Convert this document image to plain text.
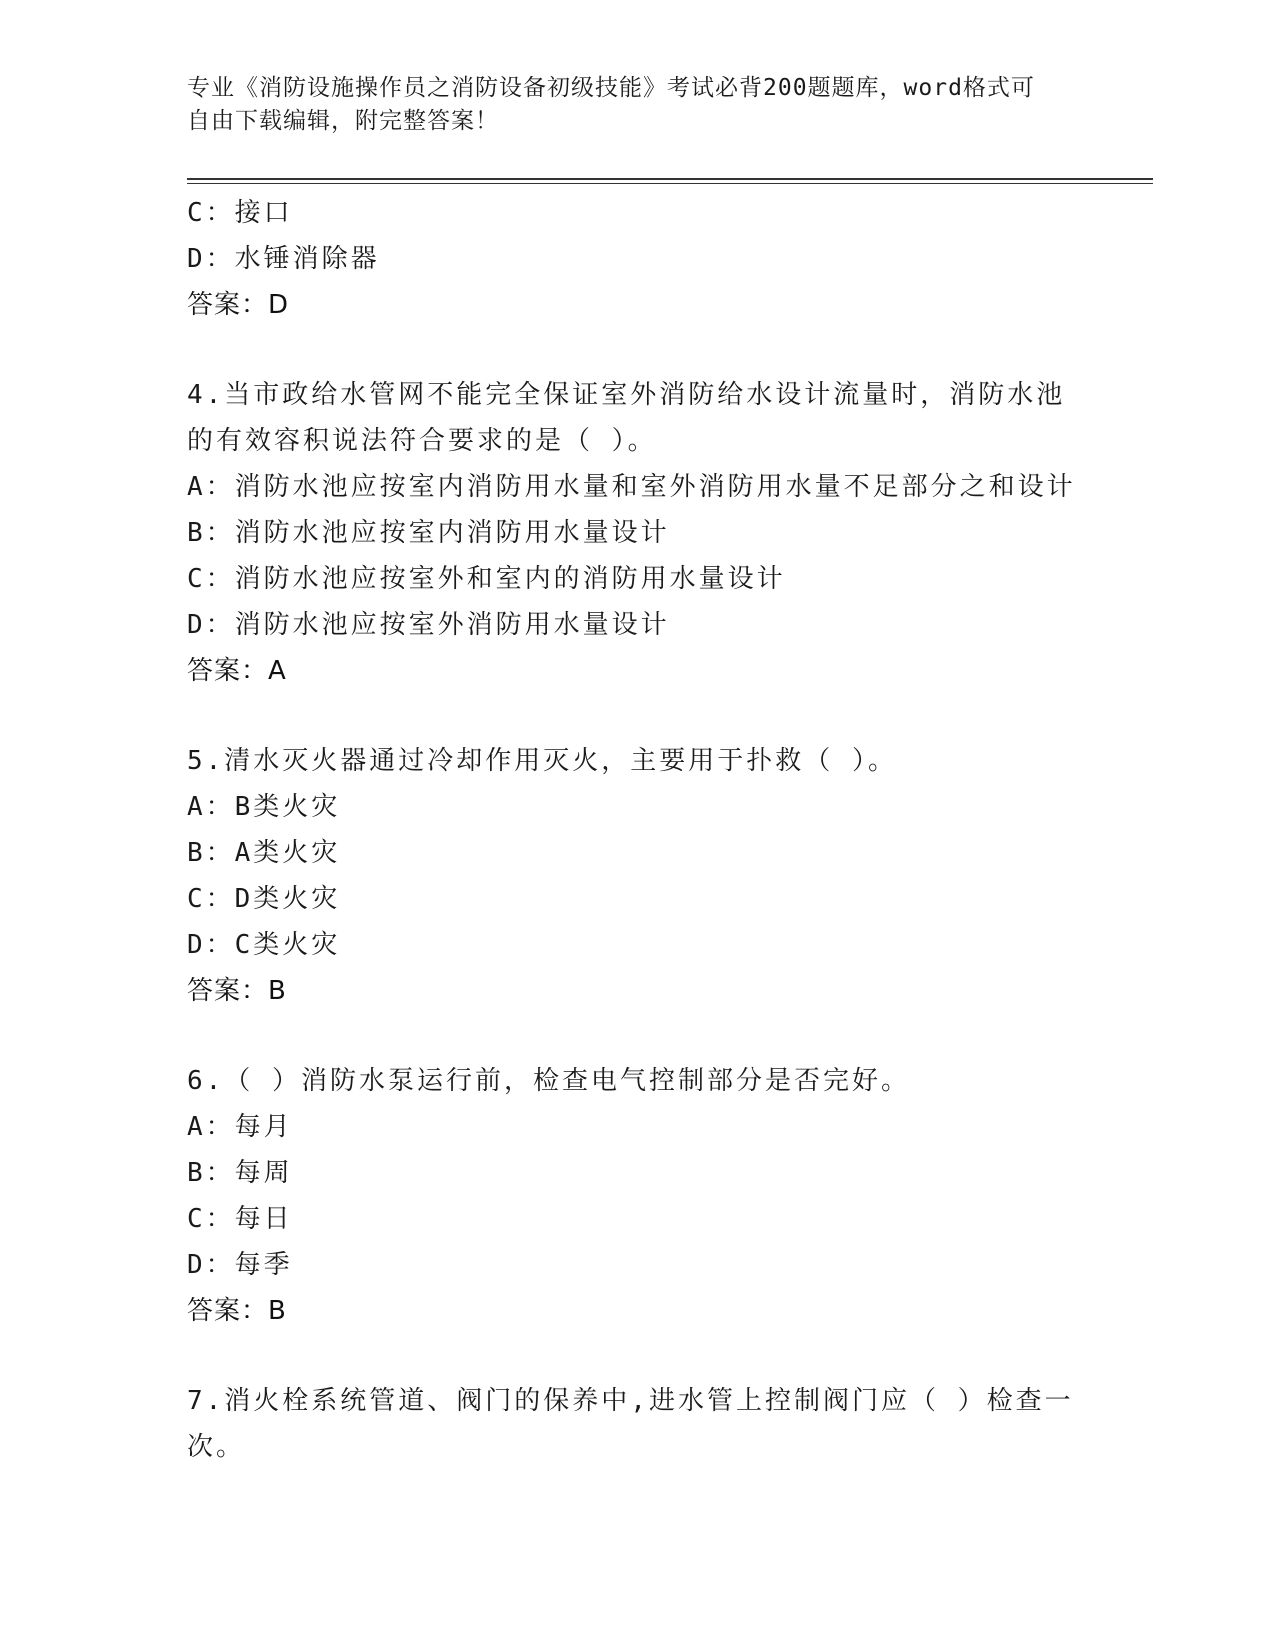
专业《消防设施操作员之消防设备初级技能》考试必背200题题库，word格式可
自由下载编辑，附完整答案！
C：接口
D：水锤消除器
答案：D
4.当市政给水管网不能完全保证室外消防给水设计流量时，消防水池
的有效容积说法符合要求的是（ ）。
A：消防水池应按室内消防用水量和室外消防用水量不足部分之和设计
B：消防水池应按室内消防用水量设计
C：消防水池应按室外和室内的消防用水量设计
D：消防水池应按室外消防用水量设计
答案：A
5.清水灭火器通过冷却作用灭火，主要用于扑救（ ）。
A：B类火灾
B：A类火灾
C：D类火灾
D：C类火灾
答案：B
6.（ ）消防水泵运行前，检查电气控制部分是否完好。
A：每月
B：每周
C：每日
D：每季
答案：B
7.消火栓系统管道、阀门的保养中,进水管上控制阀门应（ ）检查一
次。
